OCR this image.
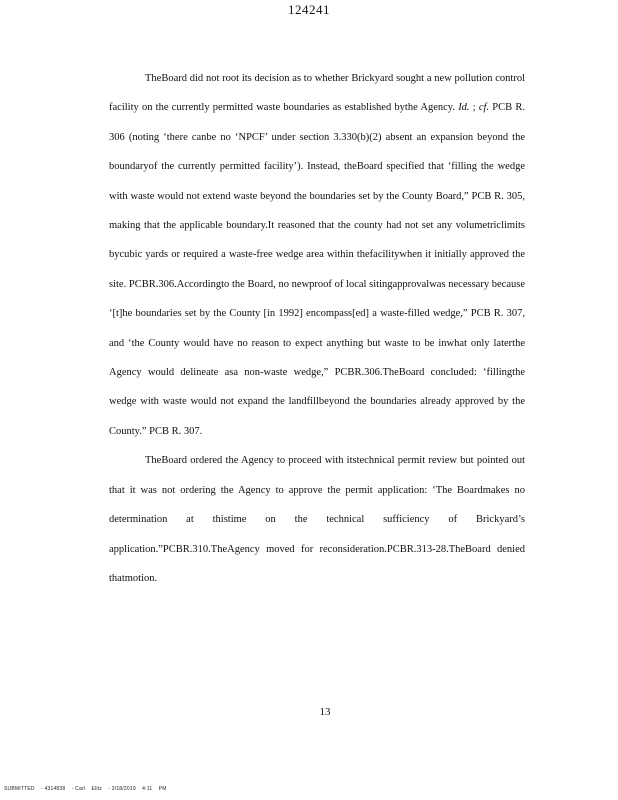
124241

TheBoard did not root its decision as to whether Brickyard sought a new pollution control facility on the currently permitted waste boundaries as established bythe Agency. Id. ; cf. PCB R. 306 (noting ‘there canbe no ‘NPCF’ under section 3.330(b)(2) absent an expansion beyond the boundaryof the currently permitted facility’). Instead, theBoard specified that ‘filling the wedge with waste would not extend waste beyond the boundaries set by the County Board,” PCB R. 305, making that the applicable boundary.It reasoned that the county had not set any volumetriclimits bycubic yards or required a waste-free wedge area within thefacilitywhen it initially approved the site. PCBR.306.Accordingto the Board, no newproof of local sitingapprovalwas necessary because ‘[t]he boundaries set by the County [in 1992] encompass[ed] a waste-filled wedge,” PCB R. 307, and ‘the County would have no reason to expect anything but waste to be inwhat only laterthe Agency would delineate asa non-waste wedge,” PCBR.306.TheBoard concluded: ‘fillingthe wedge with waste would not expand the landfillbeyond the boundaries already approved by the County.” PCB R. 307.

TheBoard ordered the Agency to proceed with itstechnical permit review but pointed out that it was not ordering the Agency to approve the permit application: ‘The Boardmakes no determination at thistime on the technical sufficiency of Brickyard’s application.”PCBR.310.TheAgency moved for reconsideration.PCBR.313-28.TheBoard denied thatmotion.

13
SUBMITTED    - 4314838    - Carl    Elitz    - 3/18/2019    4:11    PM
